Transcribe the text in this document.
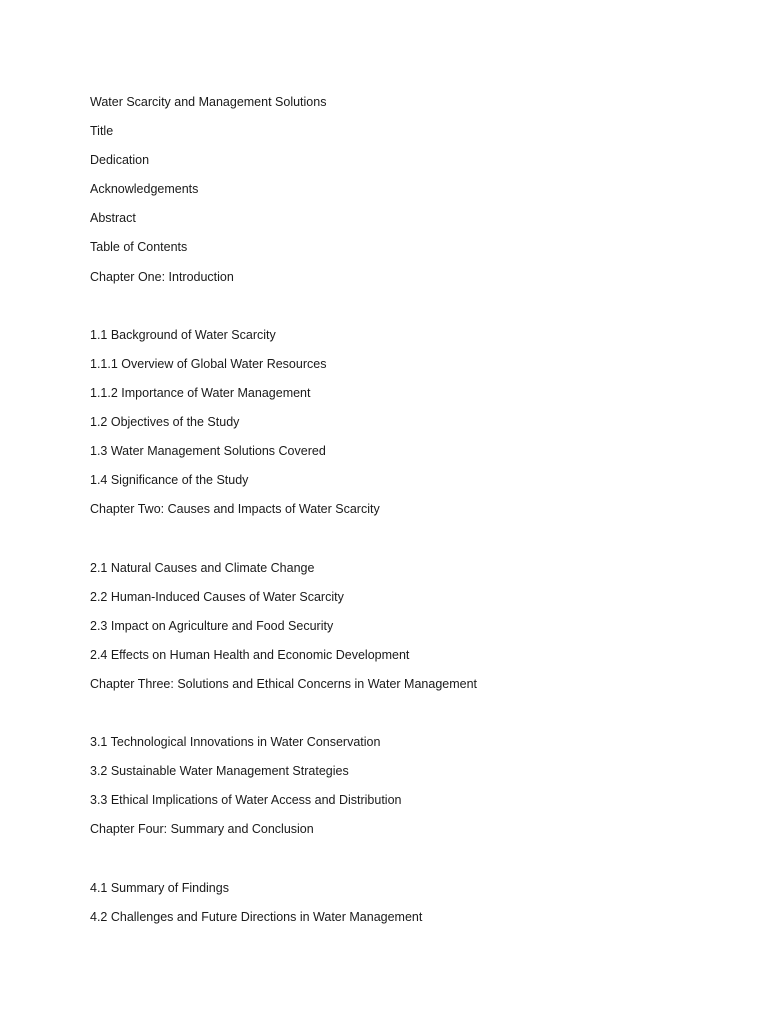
Water Scarcity and Management Solutions
Title
Dedication
Acknowledgements
Abstract
Table of Contents
Chapter One: Introduction
1.1 Background of Water Scarcity
1.1.1 Overview of Global Water Resources
1.1.2 Importance of Water Management
1.2 Objectives of the Study
1.3 Water Management Solutions Covered
1.4 Significance of the Study
Chapter Two: Causes and Impacts of Water Scarcity
2.1 Natural Causes and Climate Change
2.2 Human-Induced Causes of Water Scarcity
2.3 Impact on Agriculture and Food Security
2.4 Effects on Human Health and Economic Development
Chapter Three: Solutions and Ethical Concerns in Water Management
3.1 Technological Innovations in Water Conservation
3.2 Sustainable Water Management Strategies
3.3 Ethical Implications of Water Access and Distribution
Chapter Four: Summary and Conclusion
4.1 Summary of Findings
4.2 Challenges and Future Directions in Water Management
